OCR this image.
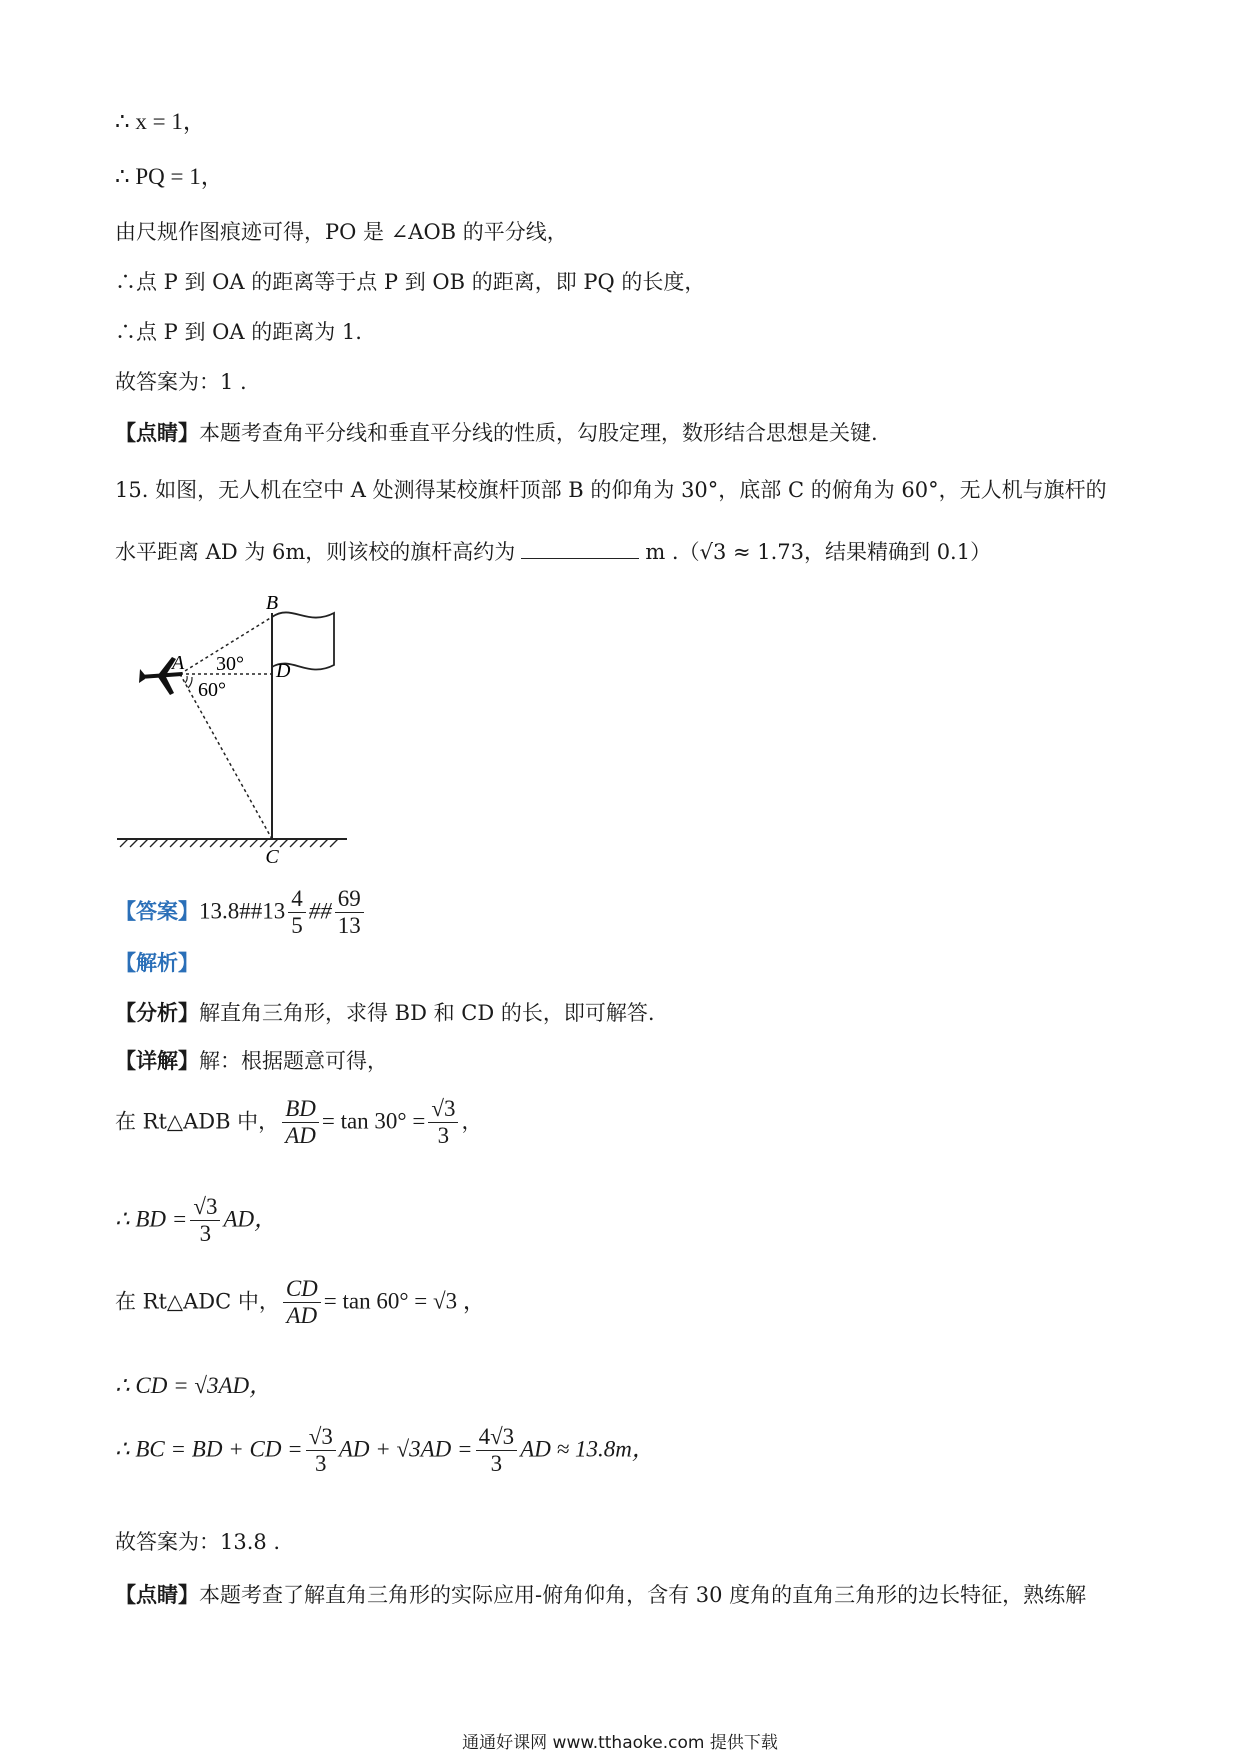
∴ x = 1，
∴ PQ = 1，
由尺规作图痕迹可得，PO 是 ∠AOB 的平分线，
∴点 P 到 OA 的距离等于点 P 到 OB 的距离，即 PQ 的长度，
∴点 P 到 OA 的距离为 1.
故答案为：1 .
【点睛】本题考查角平分线和垂直平分线的性质，勾股定理，数形结合思想是关键.
15. 如图，无人机在空中 A 处测得某校旗杆顶部 B 的仰角为 30°，底部 C 的俯角为 60°，无人机与旗杆的
水平距离 AD 为 6m，则该校的旗杆高约为	m .（√3 ≈ 1.73，结果精确到 0.1）
B
A	D
C
30°
60°
【答案】13.8##13 $\frac{4}{5}$ ## $\frac{69}{13}$
【解析】
【分析】解直角三角形，求得 BD 和 CD 的长，即可解答.
【详解】解：根据题意可得，
在 Rt△ADB 中， $\frac{BD}{AD} = \tan 30^\circ = \frac{√3}{3}$ ，
∴ BD = $\frac{√3}{3}$ AD，
在 Rt△ADC 中， $\frac{CD}{AD} = \tan 60^\circ = √3$ ，
∴ CD = √3AD，
∴ BC = BD + CD = $\frac{√3}{3}$ AD + $√3AD = \frac{4√3}{3}$ AD ≈ 13.8m，
故答案为：13.8 .
【点睛】本题考查了解直角三角形的实际应用-俯角仰角，含有 30 度角的直角三角形的边长特征，熟练解
通通好课网 www.tthaoke.com 提供下载
